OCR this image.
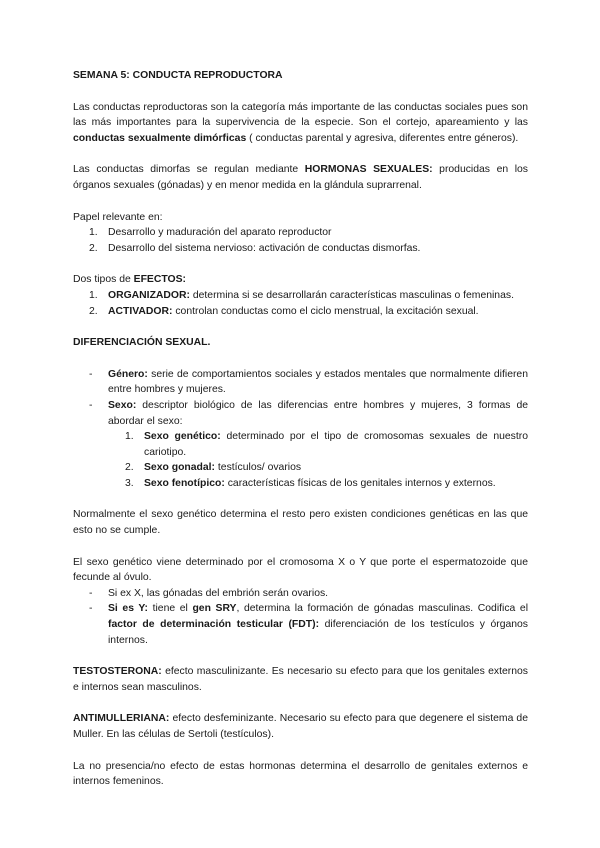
SEMANA 5: CONDUCTA REPRODUCTORA

Las conductas reproductoras son la categoría más importante de las conductas sociales pues son las más importantes para la supervivencia de la especie. Son el cortejo, apareamiento y las conductas sexualmente dimórficas ( conductas parental y agresiva, diferentes entre géneros).

Las conductas dimorfas se regulan mediante HORMONAS SEXUALES: producidas en los órganos sexuales (gónadas) y en menor medida en la glándula suprarrenal.

Papel relevante en:

1. Desarrollo y maduración del aparato reproductor
2. Desarrollo del sistema nervioso: activación de conductas dismorfas.

Dos tipos de EFECTOS:

1. ORGANIZADOR: determina si se desarrollarán características masculinas o femeninas.
2. ACTIVADOR: controlan conductas como el ciclo menstrual, la excitación sexual.

DIFERENCIACIÓN SEXUAL.

- Género: serie de comportamientos sociales y estados mentales que normalmente difieren entre hombres y mujeres.
- Sexo: descriptor biológico de las diferencias entre hombres y mujeres, 3 formas de abordar el sexo:
1. Sexo genético: determinado por el tipo de cromosomas sexuales de nuestro cariotipo.
2. Sexo gonadal: testículos/ ovarios
3. Sexo fenotípico: características físicas de los genitales internos y externos.

Normalmente el sexo genético determina el resto pero existen condiciones genéticas en las que esto no se cumple.

El sexo genético viene determinado por el cromosoma X o Y que porte el espermatozoide que fecunde al óvulo.

- Si ex X, las gónadas del embrión serán ovarios.
- Si es Y: tiene el gen SRY, determina la formación de gónadas masculinas. Codifica el factor de determinación testicular (FDT): diferenciación de los testículos y órganos internos.

TESTOSTERONA: efecto masculinizante. Es necesario su efecto para que los genitales externos e internos sean masculinos.

ANTIMULLERIANA: efecto desfeminizante. Necesario su efecto para que degenere el sistema de Muller. En las células de Sertoli (testículos).

La no presencia/no efecto de estas hormonas determina el desarrollo de genitales externos e internos femeninos.
